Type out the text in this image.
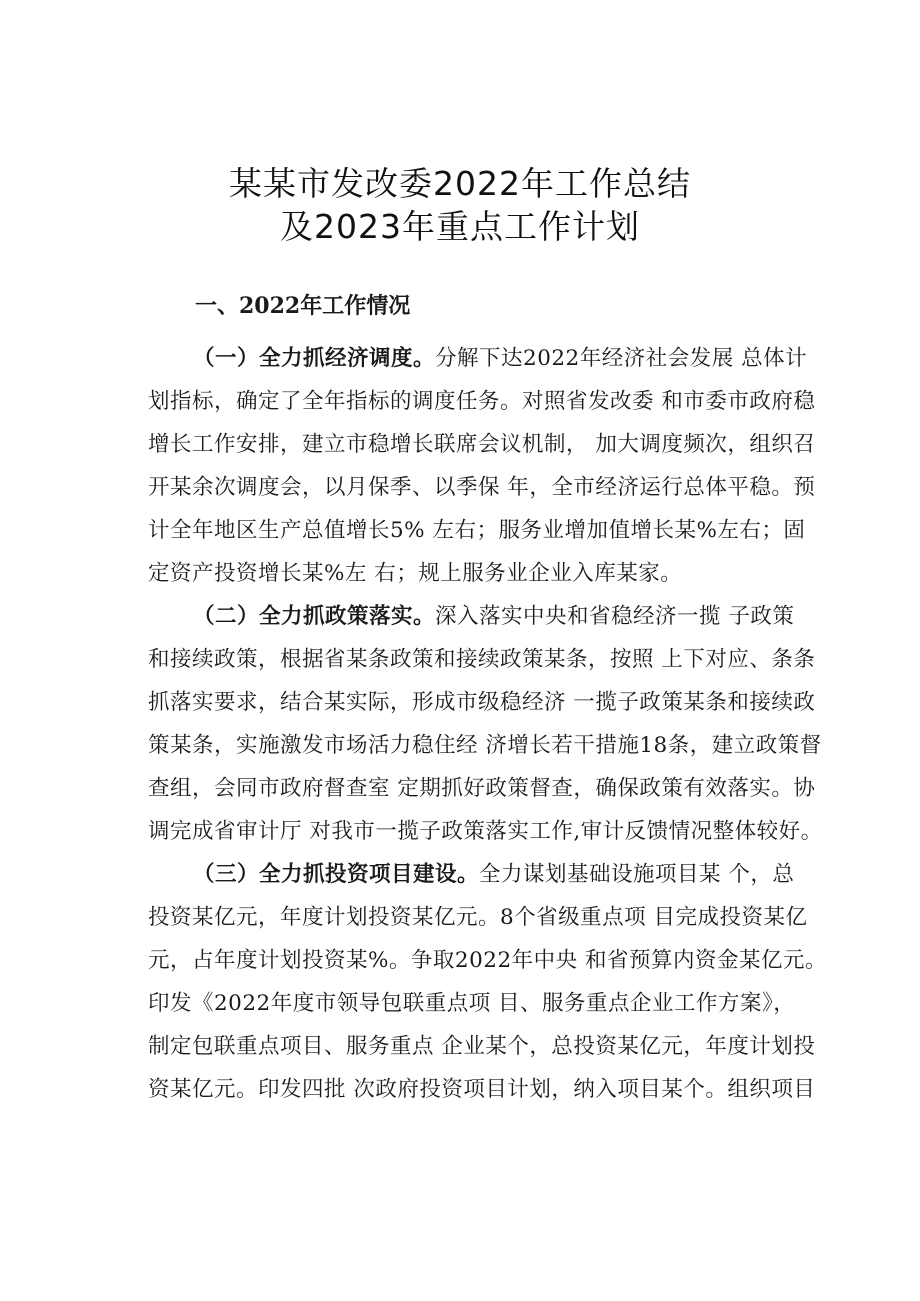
某某市发改委2022年工作总结
及2023年重点工作计划
一、2022年工作情况
（一）全力抓经济调度。分解下达2022年经济社会发展 总体计
划指标，确定了全年指标的调度任务。对照省发改委 和市委市政府稳
增长工作安排，建立市稳增长联席会议机制， 加大调度频次，组织召
开某余次调度会，以月保季、以季保 年，全市经济运行总体平稳。预
计全年地区生产总值增长5% 左右；服务业增加值增长某%左右；固
定资产投资增长某%左 右；规上服务业企业入库某家。
（二）全力抓政策落实。深入落实中央和省稳经济一揽 子政策
和接续政策，根据省某条政策和接续政策某条，按照 上下对应、条条
抓落实要求，结合某实际，形成市级稳经济 一揽子政策某条和接续政
策某条，实施激发市场活力稳住经 济增长若干措施18条，建立政策督
查组，会同市政府督查室 定期抓好政策督查，确保政策有效落实。协
调完成省审计厅 对我市一揽子政策落实工作,审计反馈情况整体较好。
（三）全力抓投资项目建设。全力谋划基础设施项目某 个，总
投资某亿元，年度计划投资某亿元。8个省级重点项 目完成投资某亿
元，占年度计划投资某%。争取2022年中央 和省预算内资金某亿元。
印发《2022年度市领导包联重点项 目、服务重点企业工作方案》，
制定包联重点项目、服务重点 企业某个，总投资某亿元，年度计划投
资某亿元。印发四批 次政府投资项目计划，纳入项目某个。组织项目
